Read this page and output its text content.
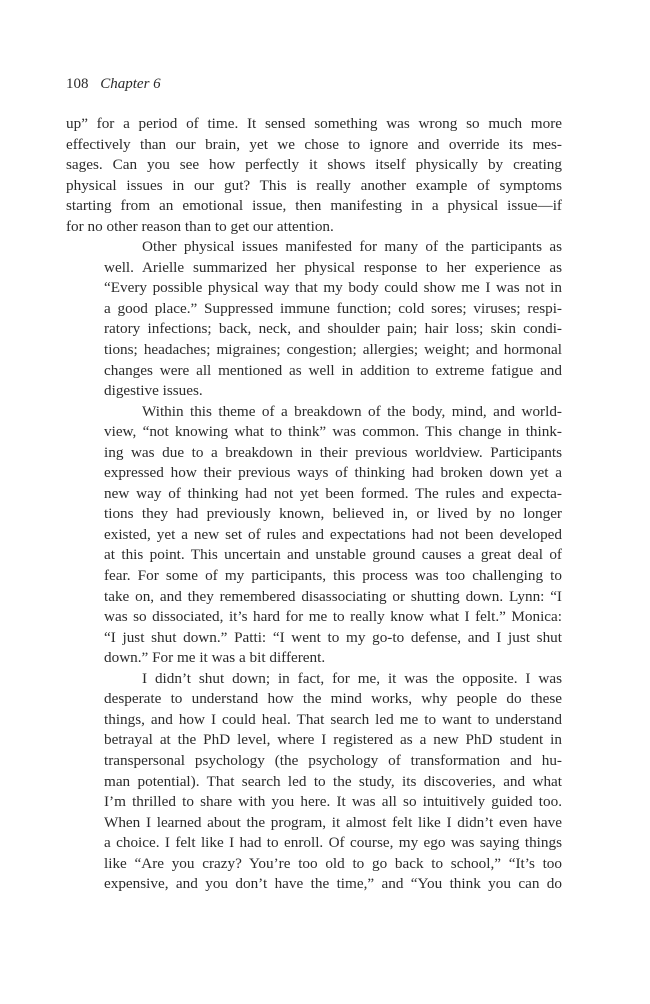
108 Chapter 6
up” for a period of time. It sensed something was wrong so much more
effectively than our brain, yet we chose to ignore and override its mes-
sages. Can you see how perfectly it shows itself physically by creating
physical issues in our gut? This is really another example of symptoms
starting from an emotional issue, then manifesting in a physical issue—if
for no other reason than to get our attention.
Other physical issues manifested for many of the participants as
well. Arielle summarized her physical response to her experience as
“Every possible physical way that my body could show me I was not in
a good place.” Suppressed immune function; cold sores; viruses; respi-
ratory infections; back, neck, and shoulder pain; hair loss; skin condi-
tions; headaches; migraines; congestion; allergies; weight; and hormonal
changes were all mentioned as well in addition to extreme fatigue and
digestive issues.
Within this theme of a breakdown of the body, mind, and world-
view, “not knowing what to think” was common. This change in think-
ing was due to a breakdown in their previous worldview. Participants
expressed how their previous ways of thinking had broken down yet a
new way of thinking had not yet been formed. The rules and expecta-
tions they had previously known, believed in, or lived by no longer
existed, yet a new set of rules and expectations had not been developed
at this point. This uncertain and unstable ground causes a great deal of
fear. For some of my participants, this process was too challenging to
take on, and they remembered disassociating or shutting down. Lynn: “I
was so dissociated, it’s hard for me to really know what I felt.” Monica:
“I just shut down.” Patti: “I went to my go-to defense, and I just shut
down.” For me it was a bit different.
I didn’t shut down; in fact, for me, it was the opposite. I was
desperate to understand how the mind works, why people do these
things, and how I could heal. That search led me to want to understand
betrayal at the PhD level, where I registered as a new PhD student in
transpersonal psychology (the psychology of transformation and hu-
man potential). That search led to the study, its discoveries, and what
I’m thrilled to share with you here. It was all so intuitively guided too.
When I learned about the program, it almost felt like I didn’t even have
a choice. I felt like I had to enroll. Of course, my ego was saying things
like “Are you crazy? You’re too old to go back to school,” “It’s too
expensive, and you don’t have the time,” and “You think you can do
